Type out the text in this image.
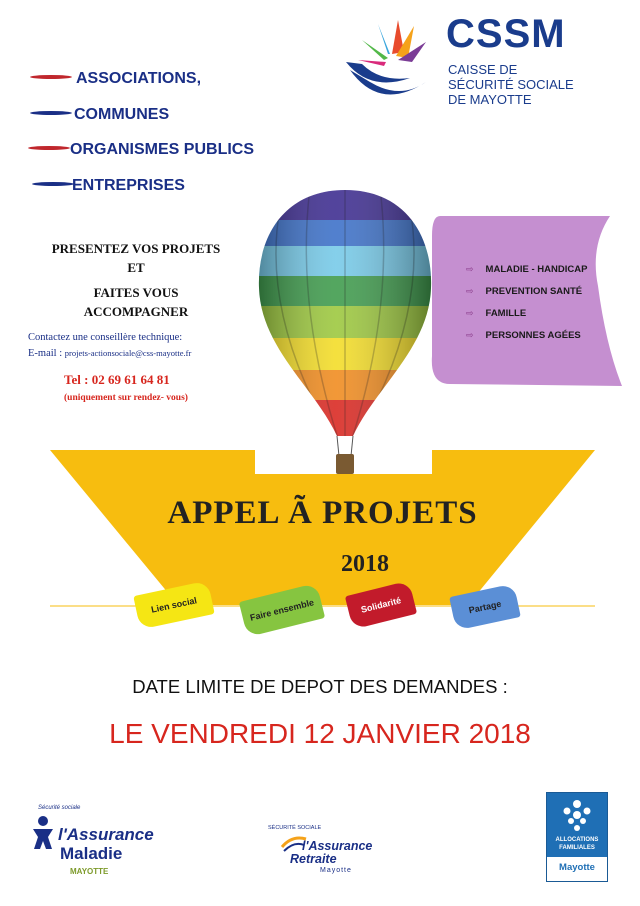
CSSM
CAISSE DE
SÉCURITÉ SOCIALE
DE MAYOTTE
ASSOCIATIONS,
COMMUNES
ORGANISMES PUBLICS
ENTREPRISES
PRESENTEZ VOS PROJETS
ET
FAITES VOUS
ACCOMPAGNER
Contactez une conseillère technique:
E-mail : projets-actionsociale@css-mayotte.fr
Tel : 02 69 61 64 81
(uniquement sur rendez- vous)
⇨ MALADIE - HANDICAP
⇨ PREVENTION SANTÉ
⇨ FAMILLE
⇨ PERSONNES AGÉES
APPEL Ã PROJETS
2018
Lien social	Faire ensemble	Solidarité	Partage
DATE LIMITE DE DEPOT DES DEMANDES :
LE VENDREDI 12 JANVIER 2018
Sécurité sociale
l'Assurance
Maladie
MAYOTTE
SÉCURITÉ SOCIALE
l'Assurance
Retraite
Mayotte
ALLOCATIONS
FAMILIALES
Mayotte
